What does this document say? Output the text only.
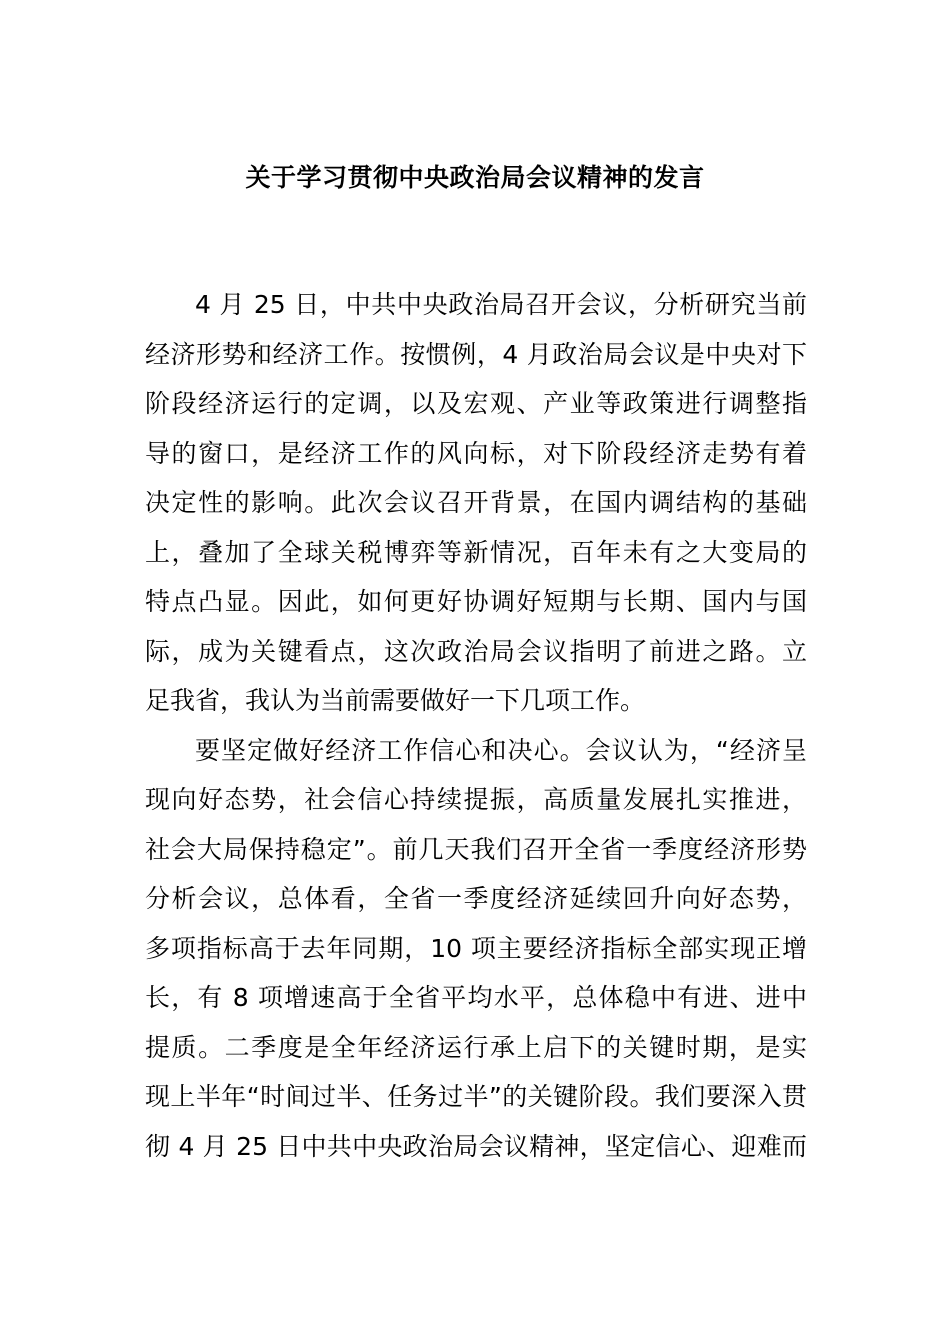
关于学习贯彻中央政治局会议精神的发言

4 月 25 日，中共中央政治局召开会议，分析研究当前
经济形势和经济工作。按惯例，4 月政治局会议是中央对下
阶段经济运行的定调，以及宏观、产业等政策进行调整指
导的窗口，是经济工作的风向标，对下阶段经济走势有着
决定性的影响。此次会议召开背景，在国内调结构的基础
上，叠加了全球关税博弈等新情况，百年未有之大变局的
特点凸显。因此，如何更好协调好短期与长期、国内与国
际，成为关键看点，这次政治局会议指明了前进之路。立
足我省，我认为当前需要做好一下几项工作。

要坚定做好经济工作信心和决心。会议认为，“经济呈
现向好态势，社会信心持续提振，高质量发展扎实推进，
社会大局保持稳定”。前几天我们召开全省一季度经济形势
分析会议，总体看，全省一季度经济延续回升向好态势，
多项指标高于去年同期，10 项主要经济指标全部实现正增
长，有 8 项增速高于全省平均水平，总体稳中有进、进中
提质。二季度是全年经济运行承上启下的关键时期，是实
现上半年“时间过半、任务过半”的关键阶段。我们要深入贯
彻 4 月 25 日中共中央政治局会议精神，坚定信心、迎难而
